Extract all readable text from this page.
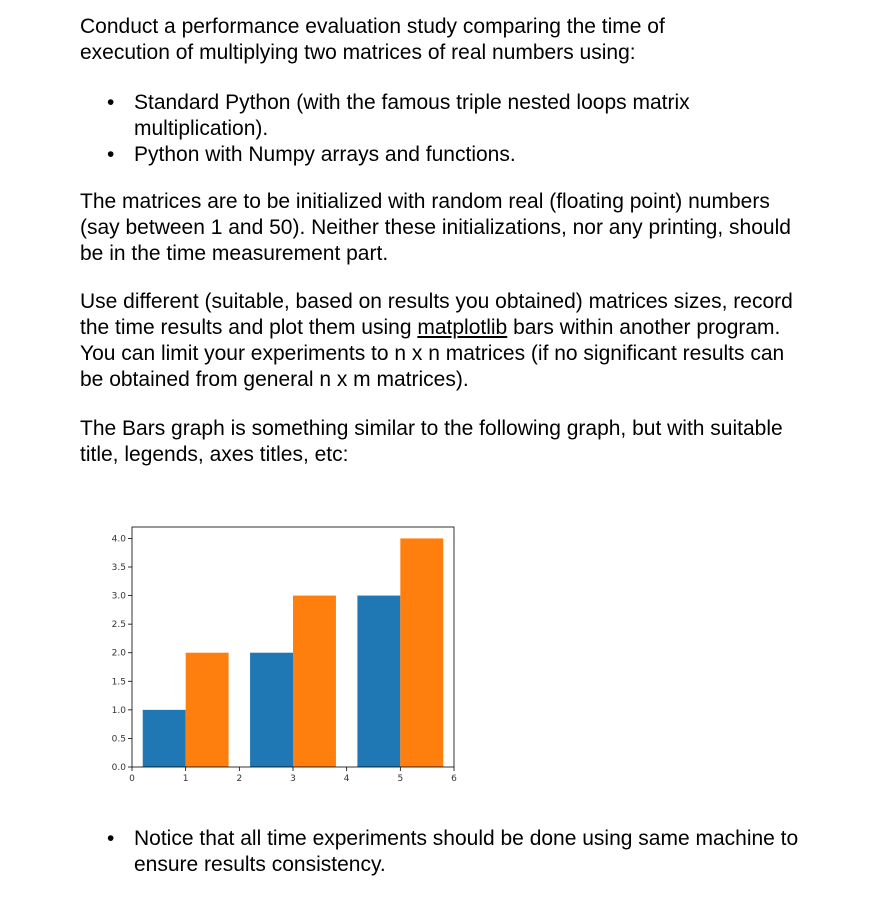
Conduct a performance evaluation study comparing the time of execution of multiplying two matrices of real numbers using:

• Standard Python (with the famous triple nested loops matrix multiplication).
• Python with Numpy arrays and functions.

The matrices are to be initialized with random real (floating point) numbers (say between 1 and 50). Neither these initializations, nor any printing, should be in the time measurement part.

Use different (suitable, based on results you obtained) matrices sizes, record the time results and plot them using matplotlib bars within another program. You can limit your experiments to n x n matrices (if no significant results can be obtained from general n x m matrices).

The Bars graph is something similar to the following graph, but with suitable title, legends, axes titles, etc:

• Notice that all time experiments should be done using same machine to ensure results consistency.
0.0
0.5
1.0
1.5
2.0
2.5
3.0
3.5
4.0
0	1	2	3	4	5	6
